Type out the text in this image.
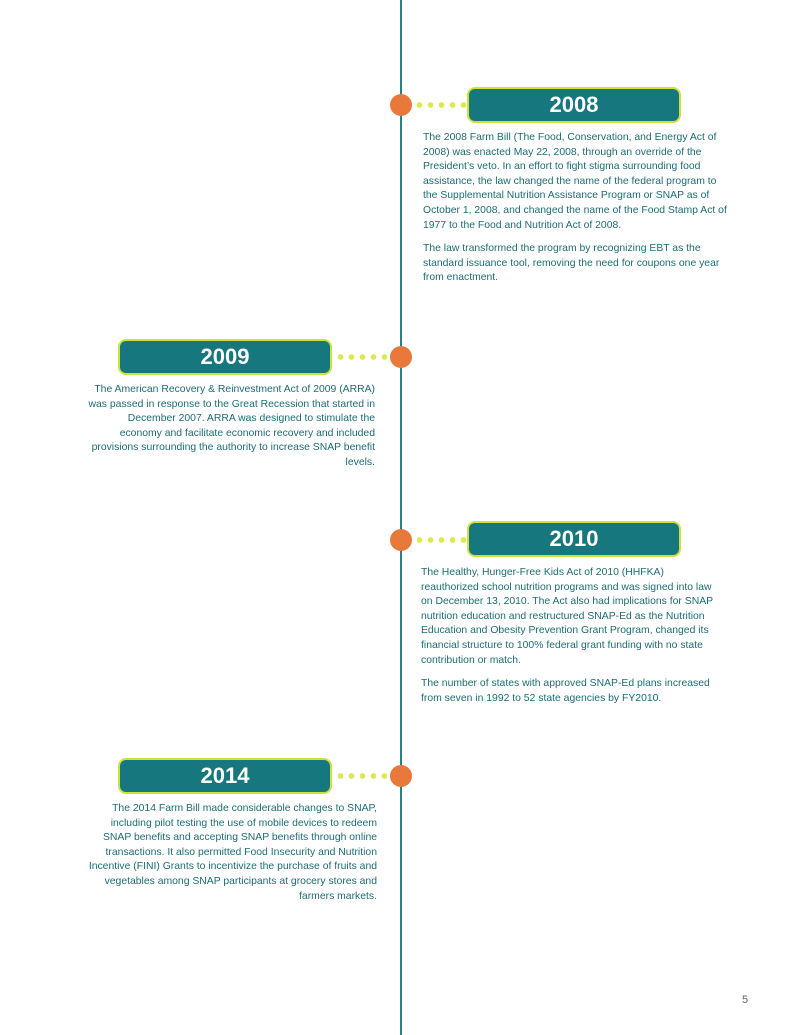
2008

The 2008 Farm Bill (The Food, Conservation, and Energy Act of 2008) was enacted May 22, 2008, through an override of the President’s veto. In an effort to fight stigma surrounding food assistance, the law changed the name of the federal program to the Supplemental Nutrition Assistance Program or SNAP as of October 1, 2008, and changed the name of the Food Stamp Act of 1977 to the Food and Nutrition Act of 2008.

The law transformed the program by recognizing EBT as the standard issuance tool, removing the need for coupons one year from enactment.

2009

The American Recovery & Reinvestment Act of 2009 (ARRA) was passed in response to the Great Recession that started in December 2007. ARRA was designed to stimulate the economy and facilitate economic recovery and included provisions surrounding the authority to increase SNAP benefit levels.

2010

The Healthy, Hunger-Free Kids Act of 2010 (HHFKA) reauthorized school nutrition programs and was signed into law on December 13, 2010. The Act also had implications for SNAP nutrition education and restructured SNAP-Ed as the Nutrition Education and Obesity Prevention Grant Program, changed its financial structure to 100% federal grant funding with no state contribution or match.

The number of states with approved SNAP-Ed plans increased from seven in 1992 to 52 state agencies by FY2010.

2014

The 2014 Farm Bill made considerable changes to SNAP, including pilot testing the use of mobile devices to redeem SNAP benefits and accepting SNAP benefits through online transactions. It also permitted Food Insecurity and Nutrition Incentive (FINI) Grants to incentivize the purchase of fruits and vegetables among SNAP participants at grocery stores and farmers markets.

5
